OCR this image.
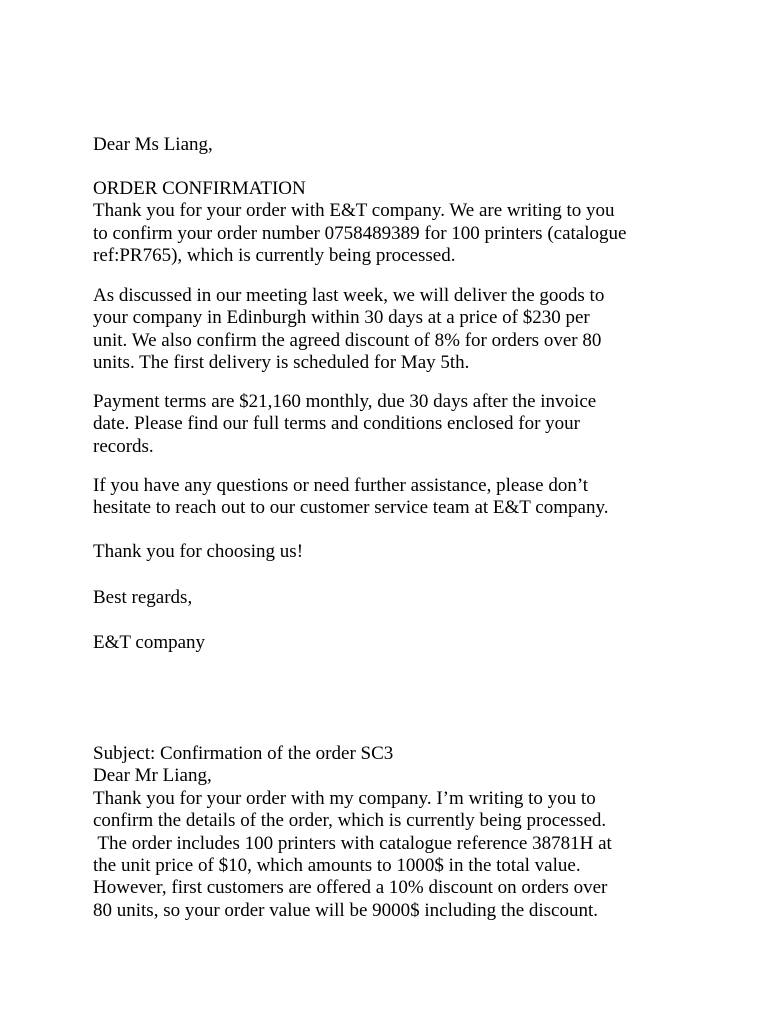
Dear Ms Liang,

ORDER CONFIRMATION
Thank you for your order with E&T company. We are writing to you
to confirm your order number 0758489389 for 100 printers (catalogue
ref:PR765), which is currently being processed.
As discussed in our meeting last week, we will deliver the goods to
your company in Edinburgh within 30 days at a price of $230 per
unit. We also confirm the agreed discount of 8% for orders over 80
units. The first delivery is scheduled for May 5th.
Payment terms are $21,160 monthly, due 30 days after the invoice
date. Please find our full terms and conditions enclosed for your
records.
If you have any questions or need further assistance, please don’t
hesitate to reach out to our customer service team at E&T company.
Thank you for choosing us!
Best regards,
E&T company
Subject: Confirmation of the order SC3
Dear Mr Liang,
Thank you for your order with my company. I’m writing to you to
confirm the details of the order, which is currently being processed.
The order includes 100 printers with catalogue reference 38781H at
the unit price of $10, which amounts to 1000$ in the total value.
However, first customers are offered a 10% discount on orders over
80 units, so your order value will be 9000$ including the discount.
